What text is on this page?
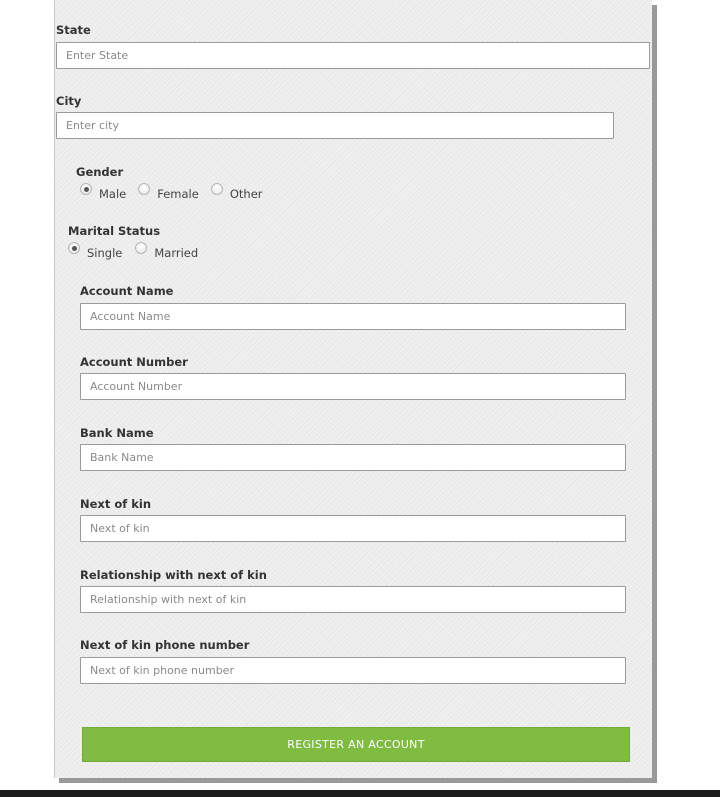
State
Enter State
City
Enter city
Gender
Male	Female	Other
Marital Status
Single	Married
Account Name
Account Name
Account Number
Account Number
Bank Name
Bank Name
Next of kin
Next of kin
Relationship with next of kin
Relationship with next of kin
Next of kin phone number
Next of kin phone number
REGISTER AN ACCOUNT
